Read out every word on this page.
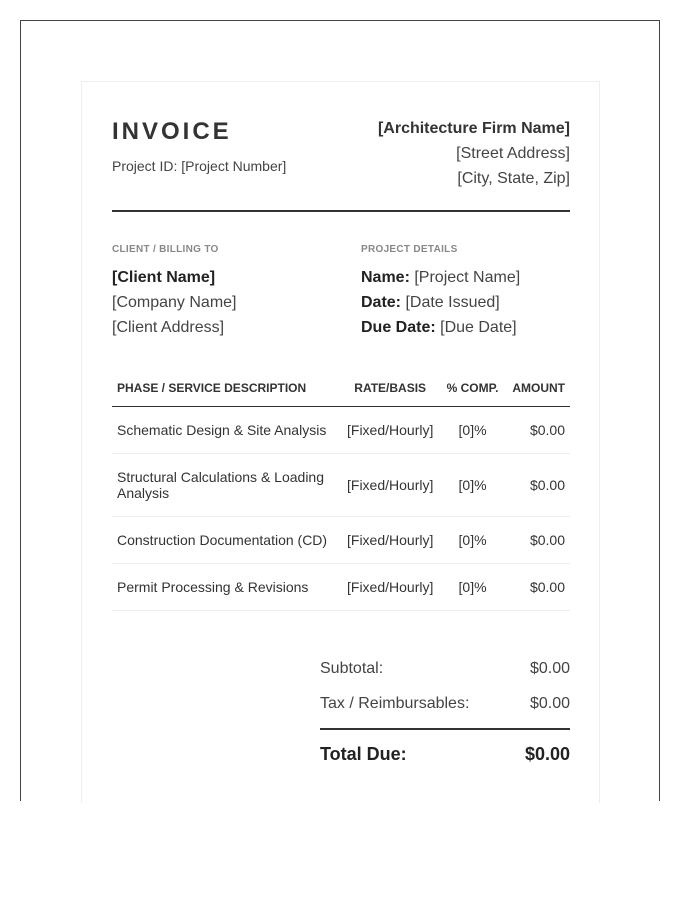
INVOICE
Project ID: [Project Number]
[Architecture Firm Name]
[Street Address]
[City, State, Zip]
CLIENT / BILLING TO
[Client Name]
[Company Name]
[Client Address]
PROJECT DETAILS
Name: [Project Name]
Date: [Date Issued]
Due Date: [Due Date]
PHASE / SERVICE DESCRIPTION	RATE/BASIS	% COMP.	AMOUNT
Schematic Design & Site Analysis	[Fixed/Hourly]	[0]%	$0.00
Structural Calculations & Loading Analysis	[Fixed/Hourly]	[0]%	$0.00
Construction Documentation (CD)	[Fixed/Hourly]	[0]%	$0.00
Permit Processing & Revisions	[Fixed/Hourly]	[0]%	$0.00
Subtotal:	$0.00
Tax / Reimbursables:	$0.00
Total Due:	$0.00
